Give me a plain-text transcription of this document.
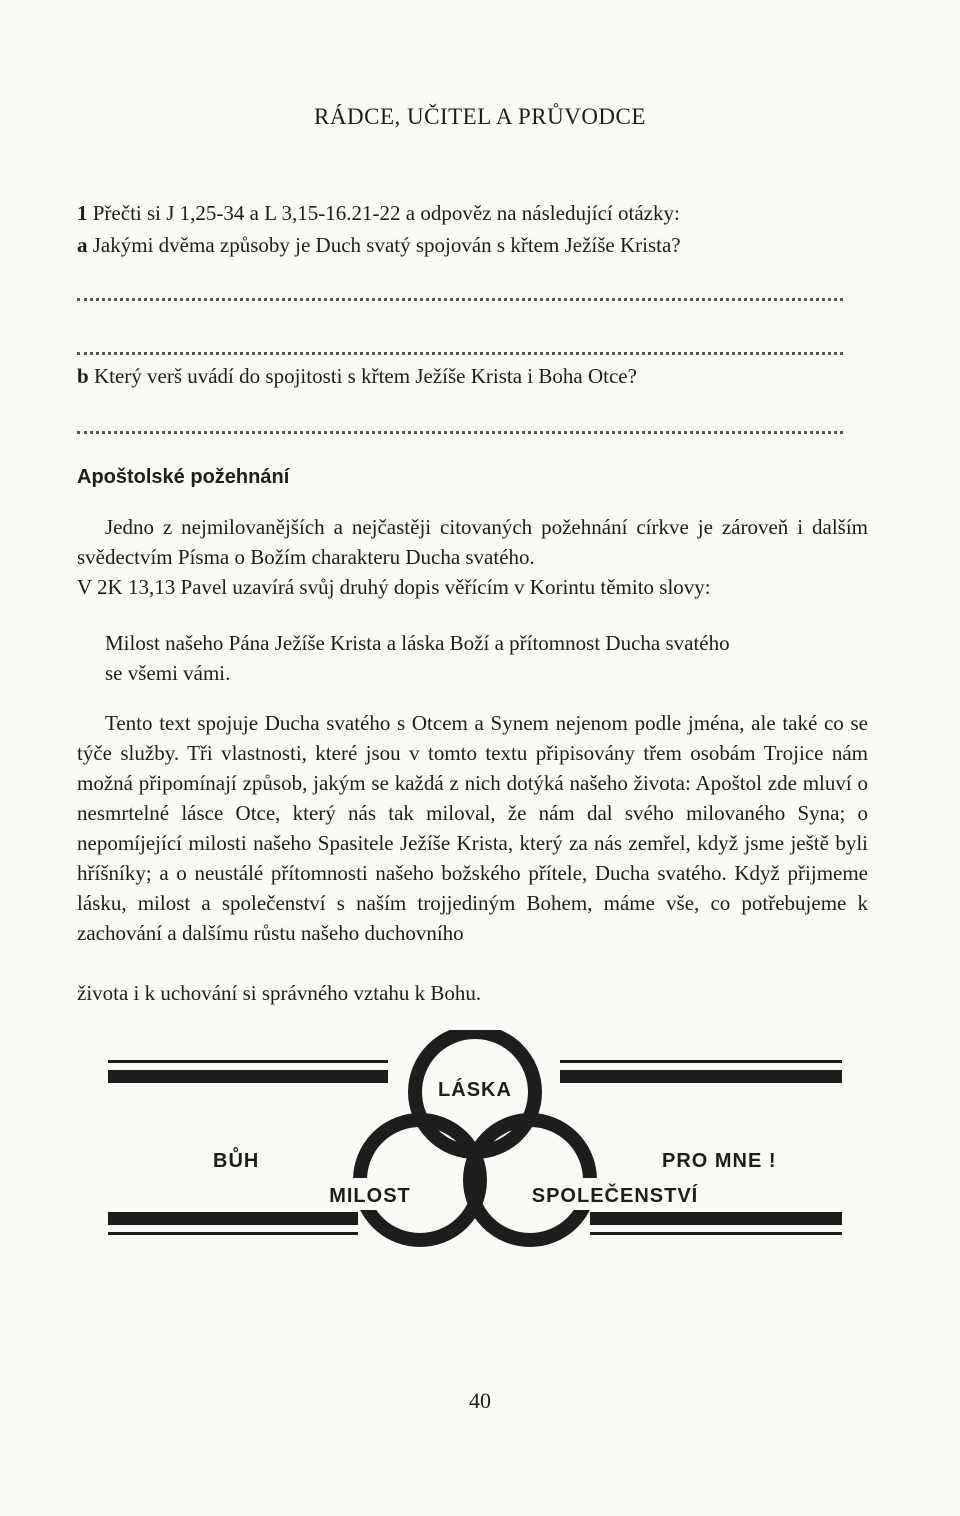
RÁDCE, UČITEL A PRŮVODCE
1 Přečti si J 1,25-34 a L 3,15-16.21-22 a odpověz na následující otázky:
a Jakými dvěma způsoby je Duch svatý spojován s křtem Ježíše Krista?
b Který verš uvádí do spojitosti s křtem Ježíše Krista i Boha Otce?
Apoštolské požehnání
Jedno z nejmilovanějších a nejčastěji citovaných požehnání církve je zároveň i dalším svědectvím Písma o Božím charakteru Ducha svatého.
V 2K 13,13 Pavel uzavírá svůj druhý dopis věřícím v Korintu těmito slovy:
Milost našeho Pána Ježíše Krista a láska Boží a přítomnost Ducha svatého
se všemi vámi.
Tento text spojuje Ducha svatého s Otcem a Synem nejenom podle jména, ale také co se týče služby. Tři vlastnosti, které jsou v tomto textu připisovány třem osobám Trojice nám možná připomínají způsob, jakým se každá z nich dotýká našeho života: Apoštol zde mluví o nesmrtelné lásce Otce, který nás tak miloval, že nám dal svého milovaného Syna; o nepomíjející milosti našeho Spasitele Ježíše Krista, který za nás zemřel, když jsme ještě byli hříšníky; a o neustálé přítomnosti našeho božského přítele, Ducha svatého. Když přijmeme lásku, milost a společenství s naším trojjediným Bohem, máme vše, co potřebujeme k zachování a dalšímu růstu našeho duchovního
života i k uchování si správného vztahu k Bohu.
LÁSKA
BŮH	PRO MNE !
MILOST	SPOLEČENSTVÍ
40
